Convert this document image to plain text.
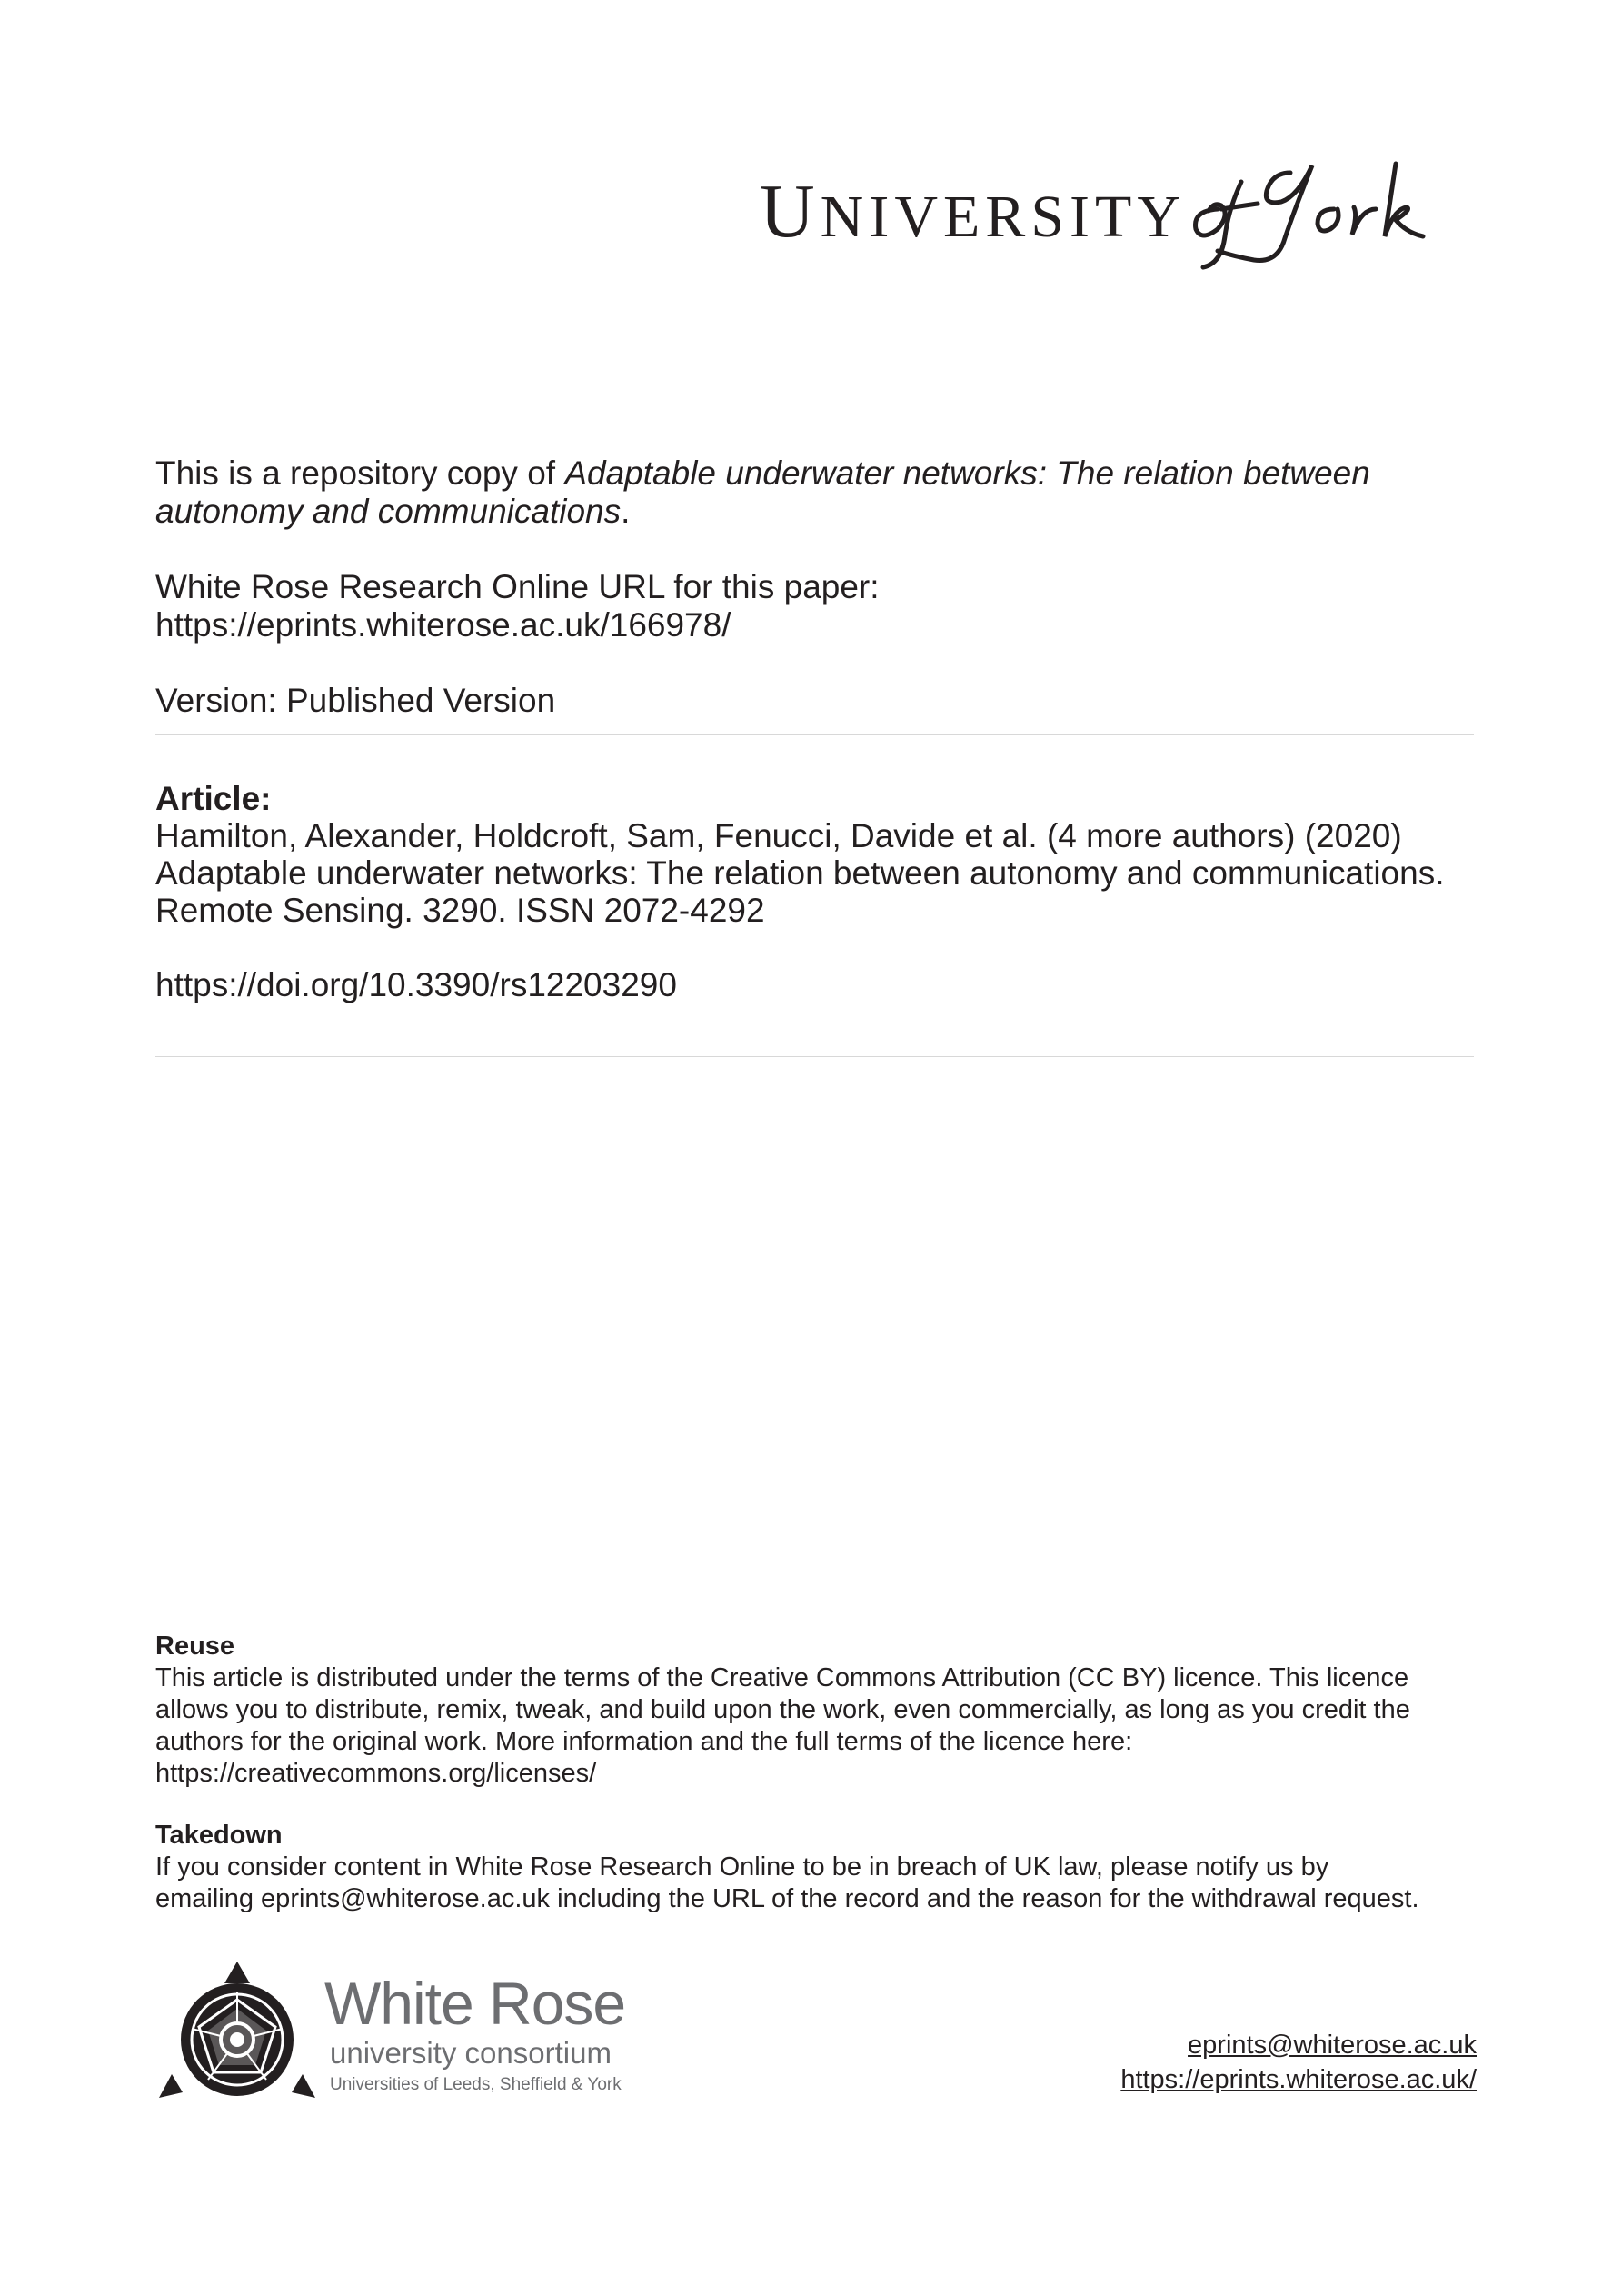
UNIVERSITY

This is a repository copy of Adaptable underwater networks: The relation between autonomy and communications.

White Rose Research Online URL for this paper:

https://eprints.whiterose.ac.uk/166978/

Version: Published Version

Article:

Hamilton, Alexander, Holdcroft, Sam, Fenucci, Davide et al. (4 more authors) (2020)

Adaptable underwater networks: The relation between autonomy and communications.

Remote Sensing. 3290. ISSN 2072-4292

https://doi.org/10.3390/rs12203290

Reuse

This article is distributed under the terms of the Creative Commons Attribution (CC BY) licence. This licence

allows you to distribute, remix, tweak, and build upon the work, even commercially, as long as you credit the

authors for the original work. More information and the full terms of the licence here:

https://creativecommons.org/licenses/

Takedown

If you consider content in White Rose Research Online to be in breach of UK law, please notify us by

emailing eprints@whiterose.ac.uk including the URL of the record and the reason for the withdrawal request.

White Rose
university consortium
Universities of Leeds, Sheffield & York
eprints@whiterose.ac.uk
https://eprints.whiterose.ac.uk/
